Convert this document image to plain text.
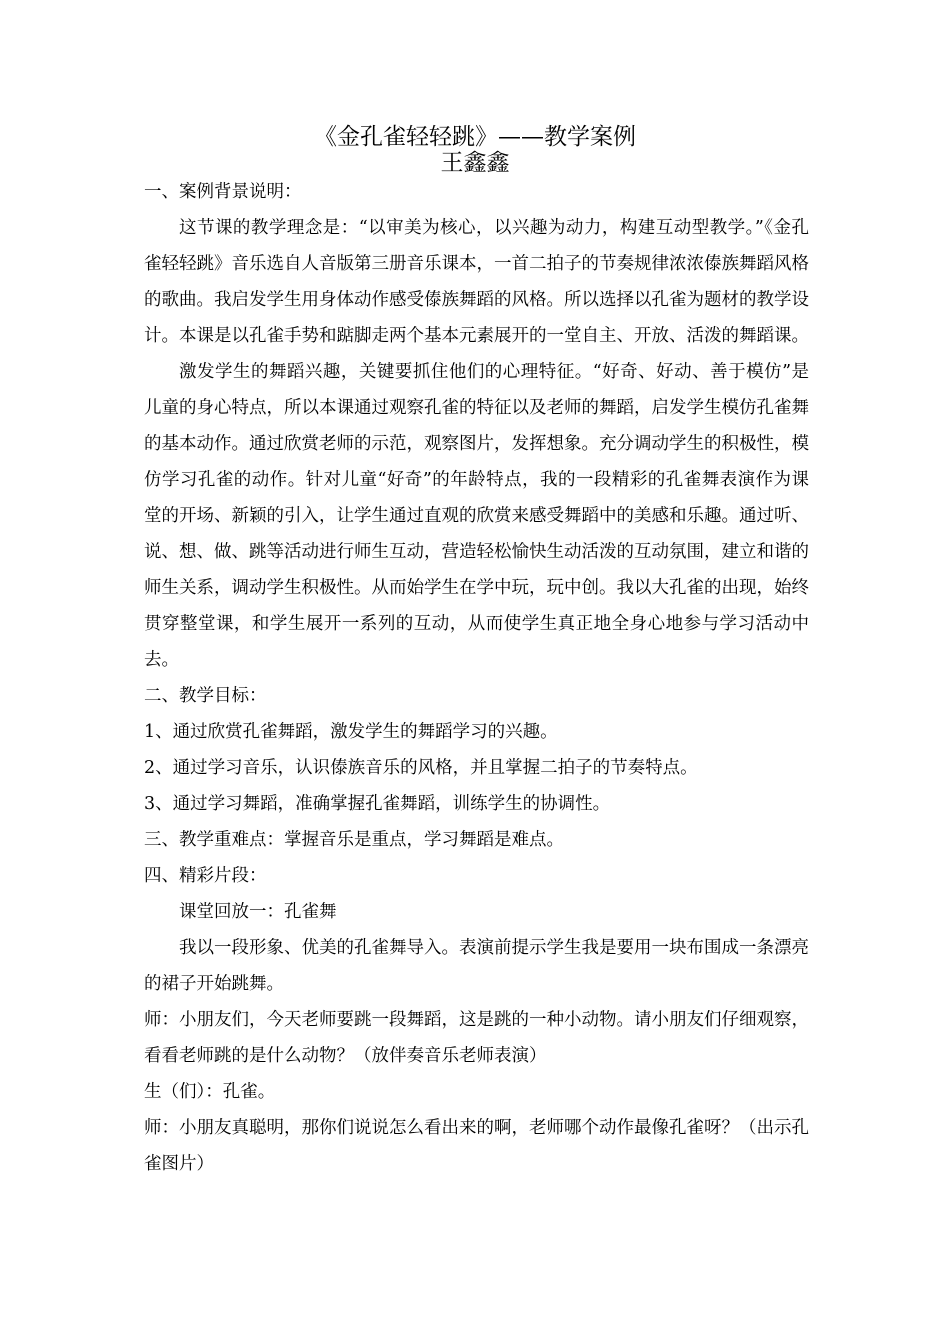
《金孔雀轻轻跳》——教学案例
王鑫鑫

一、案例背景说明：

这节课的教学理念是：“以审美为核心，以兴趣为动力，构建互动型教学。”《金孔雀轻轻跳》音乐选自人音版第三册音乐课本，一首二拍子的节奏规律浓浓傣族舞蹈风格的歌曲。我启发学生用身体动作感受傣族舞蹈的风格。所以选择以孔雀为题材的教学设计。本课是以孔雀手势和踮脚走两个基本元素展开的一堂自主、开放、活泼的舞蹈课。

激发学生的舞蹈兴趣，关键要抓住他们的心理特征。“好奇、好动、善于模仿”是儿童的身心特点，所以本课通过观察孔雀的特征以及老师的舞蹈，启发学生模仿孔雀舞的基本动作。通过欣赏老师的示范，观察图片，发挥想象。充分调动学生的积极性，模仿学习孔雀的动作。针对儿童“好奇”的年龄特点，我的一段精彩的孔雀舞表演作为课堂的开场、新颖的引入，让学生通过直观的欣赏来感受舞蹈中的美感和乐趣。通过听、说、想、做、跳等活动进行师生互动，营造轻松愉快生动活泼的互动氛围，建立和谐的师生关系，调动学生积极性。从而始学生在学中玩，玩中创。我以大孔雀的出现，始终贯穿整堂课，和学生展开一系列的互动，从而使学生真正地全身心地参与学习活动中去。

二、教学目标：

1、通过欣赏孔雀舞蹈，激发学生的舞蹈学习的兴趣。

2、通过学习音乐，认识傣族音乐的风格，并且掌握二拍子的节奏特点。

3、通过学习舞蹈，准确掌握孔雀舞蹈，训练学生的协调性。

三、教学重难点：掌握音乐是重点，学习舞蹈是难点。

四、精彩片段：

课堂回放一：孔雀舞

我以一段形象、优美的孔雀舞导入。表演前提示学生我是要用一块布围成一条漂亮的裙子开始跳舞。

师：小朋友们，今天老师要跳一段舞蹈，这是跳的一种小动物。请小朋友们仔细观察，看看老师跳的是什么动物？（放伴奏音乐老师表演）

生（们）：孔雀。

师：小朋友真聪明，那你们说说怎么看出来的啊，老师哪个动作最像孔雀呀？（出示孔雀图片）
